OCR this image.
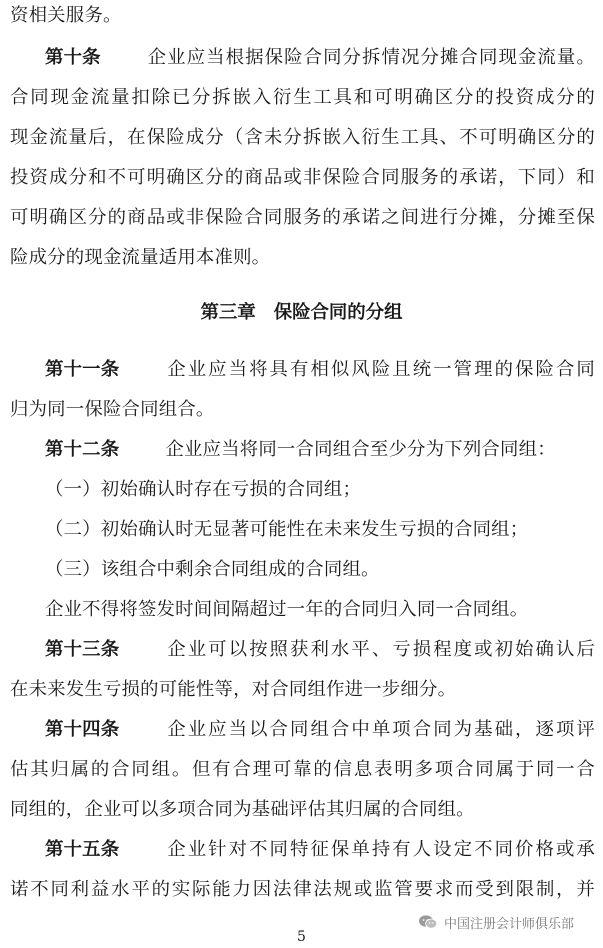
资相关服务。
第十条	企业应当根据保险合同分拆情况分摊合同现金流量。
合同现金流量扣除已分拆嵌入衍生工具和可明确区分的投资成分的
现金流量后，在保险成分（含未分拆嵌入衍生工具、不可明确区分的
投资成分和不可明确区分的商品或非保险合同服务的承诺，下同）和
可明确区分的商品或非保险合同服务的承诺之间进行分摊，分摊至保
险成分的现金流量适用本准则。
第三章 保险合同的分组
第十一条	企业应当将具有相似风险且统一管理的保险合同
归为同一保险合同组合。
第十二条	企业应当将同一合同组合至少分为下列合同组：
（一）初始确认时存在亏损的合同组；
（二）初始确认时无显著可能性在未来发生亏损的合同组；
（三）该组合中剩余合同组成的合同组。
企业不得将签发时间间隔超过一年的合同归入同一合同组。
第十三条	企业可以按照获利水平、亏损程度或初始确认后
在未来发生亏损的可能性等，对合同组作进一步细分。
第十四条	企业应当以合同组合中单项合同为基础，逐项评
估其归属的合同组。但有合理可靠的信息表明多项合同属于同一合
同组的，企业可以多项合同为基础评估其归属的合同组。
第十五条	企业针对不同特征保单持有人设定不同价格或承
诺不同利益水平的实际能力因法律法规或监管要求而受到限制，并
中国注册会计师俱乐部
5
